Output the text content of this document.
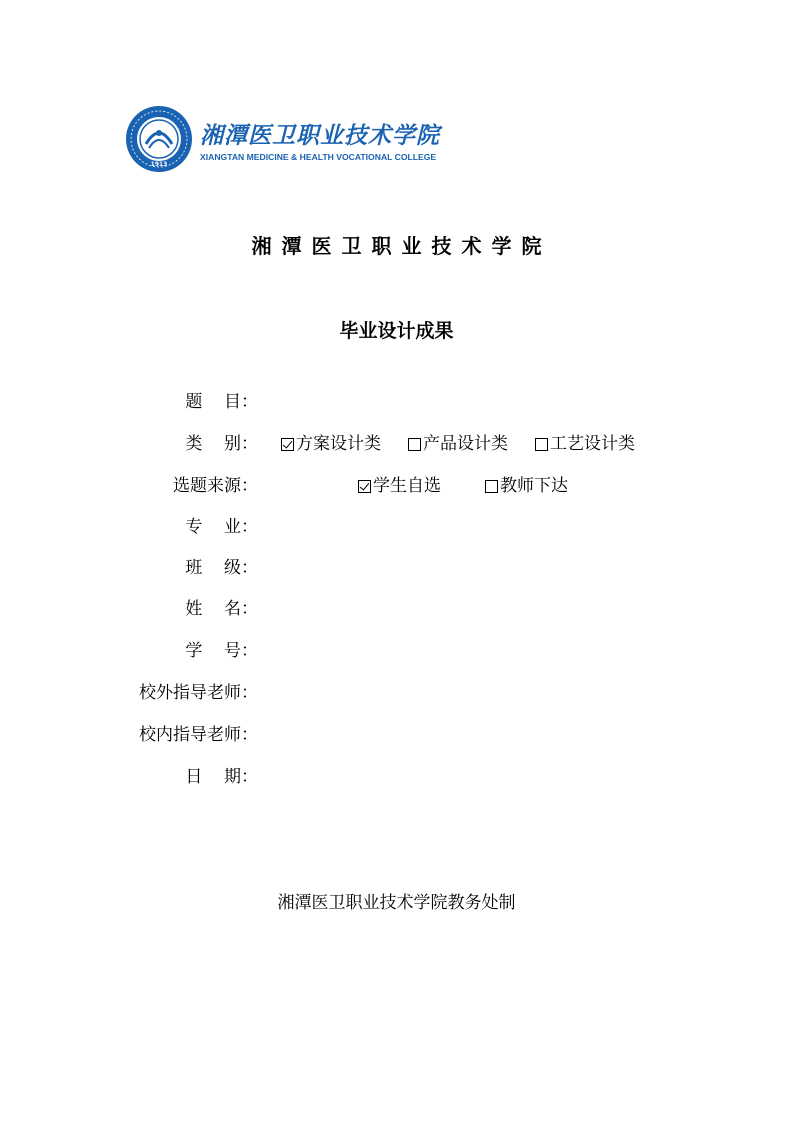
1913
湘潭医卫职业技术学院
XIANGTAN MEDICINE & HEALTH VOCATIONAL COLLEGE
湘潭医卫职业技术学院
毕业设计成果
题    目：
类    别： 方案设计类 产品设计类 工艺设计类
选题来源：	学生自选	教师下达
专    业：
班    级：
姓    名：
学    号：
校外指导老师：
校内指导老师：
日    期：
湘潭医卫职业技术学院教务处制
